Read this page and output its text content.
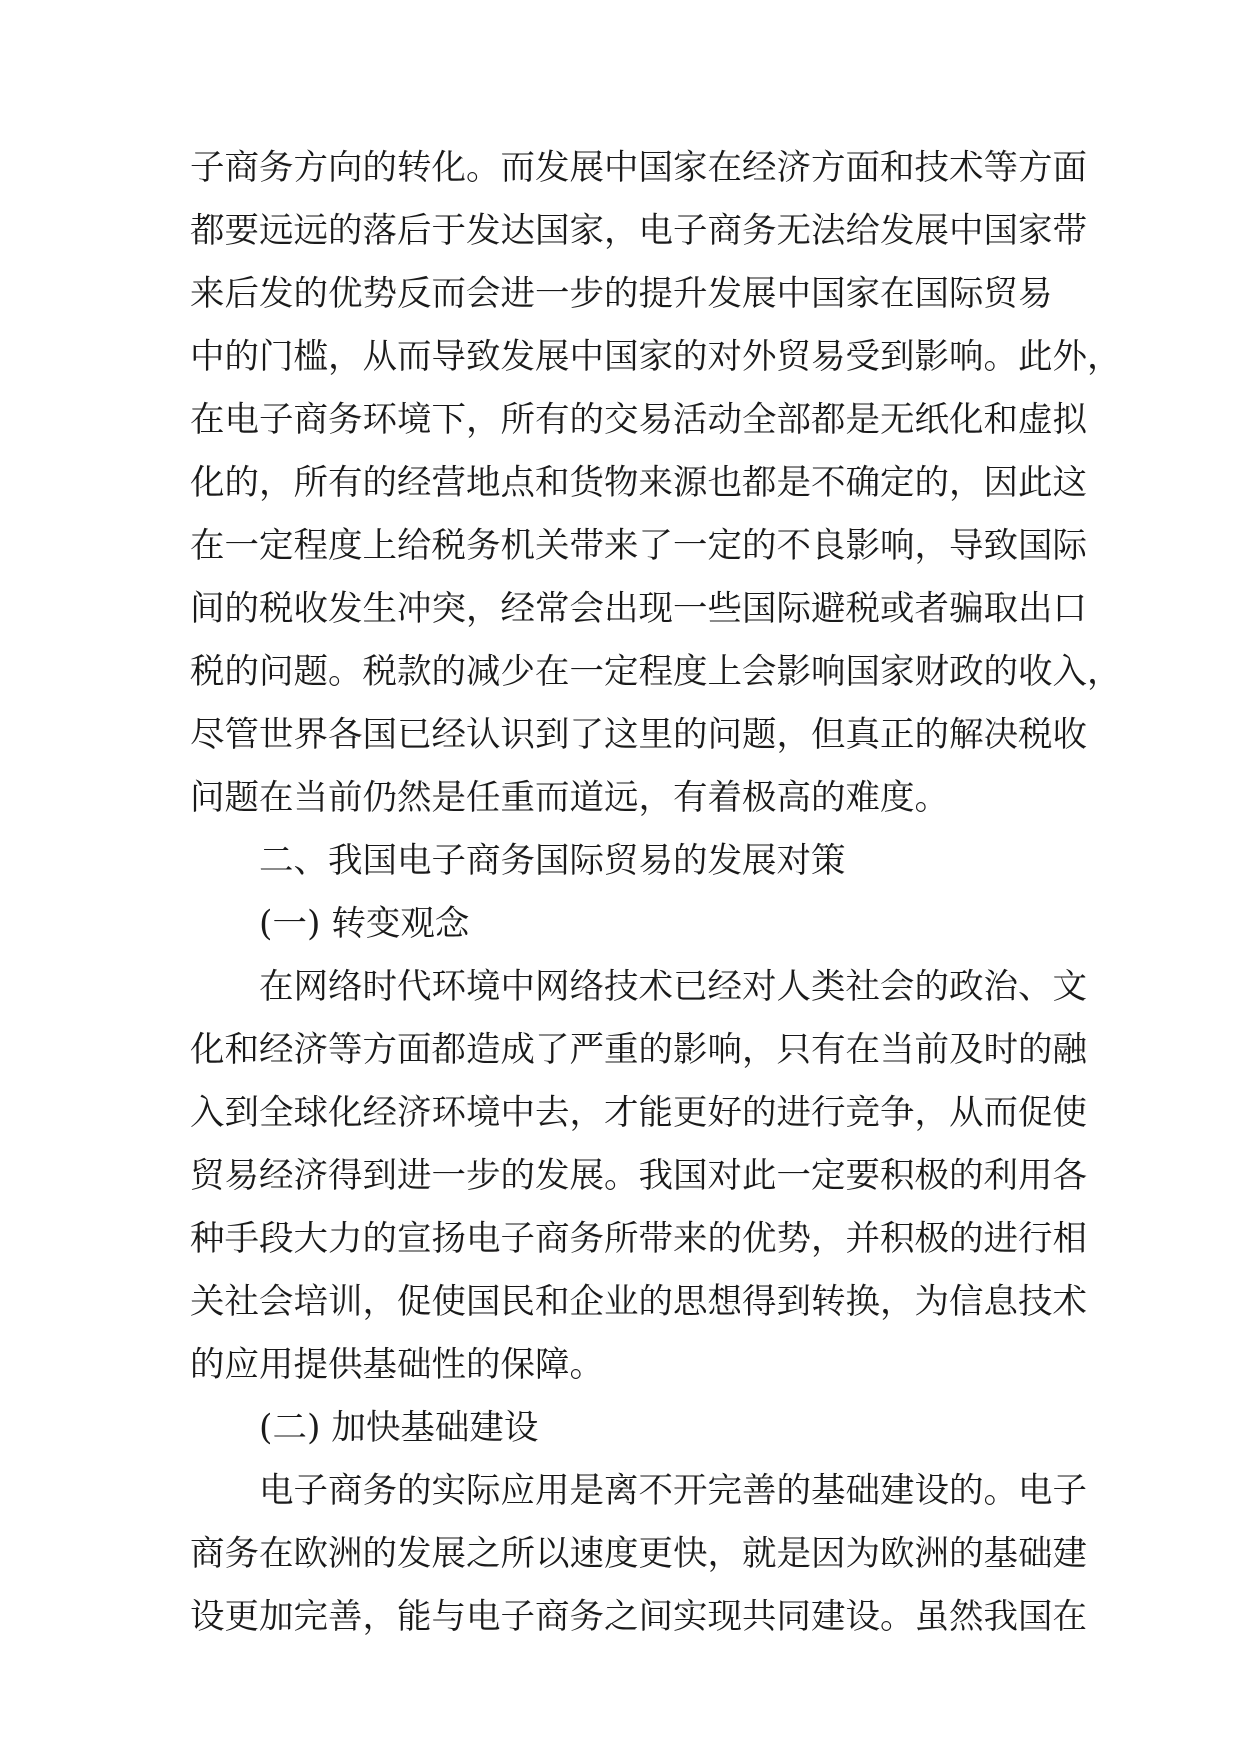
子商务方向的转化。而发展中国家在经济方面和技术等方面
都要远远的落后于发达国家，电子商务无法给发展中国家带
来后发的优势反而会进一步的提升发展中国家在国际贸易
中的门槛，从而导致发展中国家的对外贸易受到影响。此外，
在电子商务环境下，所有的交易活动全部都是无纸化和虚拟
化的，所有的经营地点和货物来源也都是不确定的，因此这
在一定程度上给税务机关带来了一定的不良影响，导致国际
间的税收发生冲突，经常会出现一些国际避税或者骗取出口
税的问题。税款的减少在一定程度上会影响国家财政的收入，
尽管世界各国已经认识到了这里的问题，但真正的解决税收
问题在当前仍然是任重而道远，有着极高的难度。
二、我国电子商务国际贸易的发展对策
(一) 转变观念
在网络时代环境中网络技术已经对人类社会的政治、文
化和经济等方面都造成了严重的影响，只有在当前及时的融
入到全球化经济环境中去，才能更好的进行竞争，从而促使
贸易经济得到进一步的发展。我国对此一定要积极的利用各
种手段大力的宣扬电子商务所带来的优势，并积极的进行相
关社会培训，促使国民和企业的思想得到转换，为信息技术
的应用提供基础性的保障。
(二) 加快基础建设
电子商务的实际应用是离不开完善的基础建设的。电子
商务在欧洲的发展之所以速度更快，就是因为欧洲的基础建
设更加完善，能与电子商务之间实现共同建设。虽然我国在
